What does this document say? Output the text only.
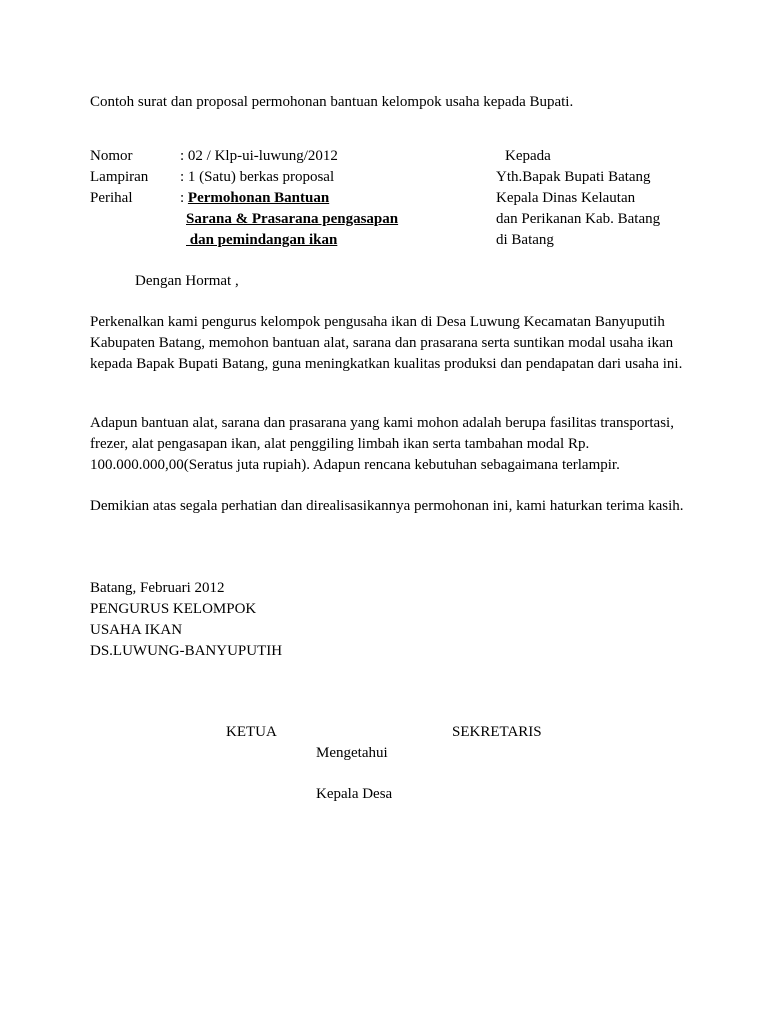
Contoh surat dan proposal permohonan bantuan kelompok usaha kepada Bupati.
Nomor	: 02 / Klp-ui-luwung/2012
Lampiran : 1 (Satu) berkas proposal
Perihal	: Permohonan Bantuan
Sarana & Prasarana pengasapan
dan pemindangan ikan
Kepada
Yth.Bapak Bupati Batang
Kepala Dinas Kelautan
dan Perikanan Kab. Batang
di Batang
Dengan Hormat ,
Perkenalkan kami pengurus kelompok pengusaha ikan di Desa Luwung Kecamatan Banyuputih Kabupaten Batang, memohon bantuan alat, sarana dan prasarana serta suntikan modal usaha ikan kepada Bapak Bupati Batang, guna meningkatkan kualitas produksi dan pendapatan dari usaha ini.
Adapun bantuan alat, sarana dan prasarana yang kami mohon adalah berupa fasilitas transportasi, frezer, alat pengasapan ikan, alat penggiling limbah ikan serta tambahan modal Rp. 100.000.000,00(Seratus juta rupiah). Adapun rencana kebutuhan sebagaimana terlampir.
Demikian atas segala perhatian dan direalisasikannya permohonan ini, kami haturkan terima kasih.
Batang, Februari 2012
PENGURUS KELOMPOK
USAHA IKAN
DS.LUWUNG-BANYUPUTIH
KETUA	SEKRETARIS
Mengetahui
Kepala Desa
